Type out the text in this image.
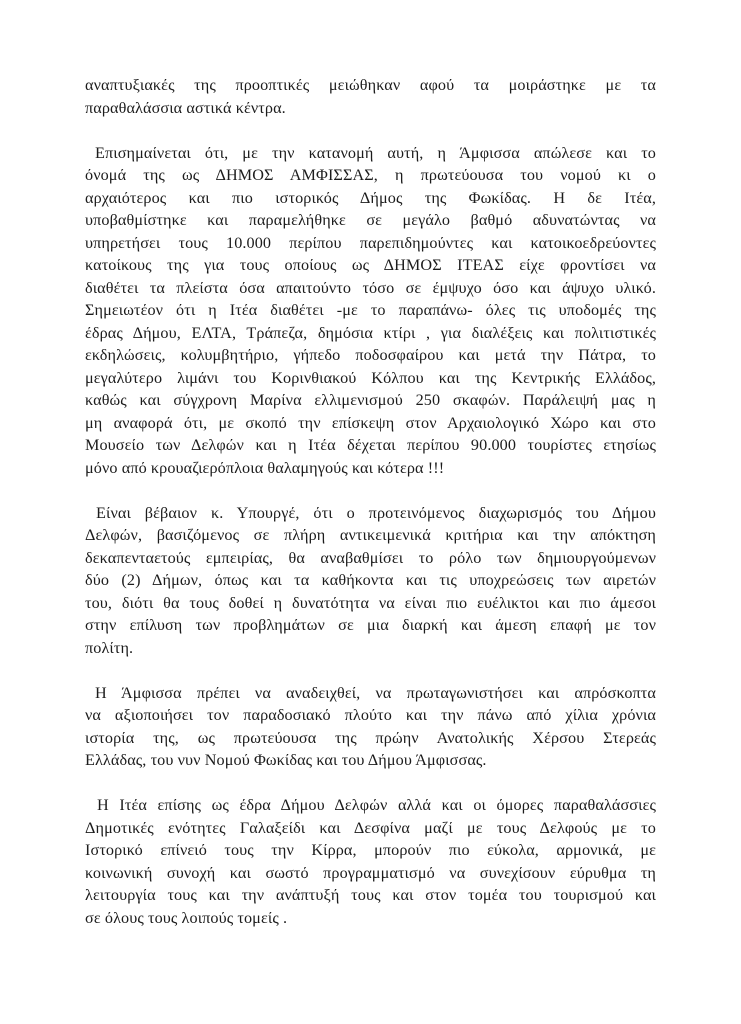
αναπτυξιακές της προοπτικές μειώθηκαν αφού τα μοιράστηκε με τα
παραθαλάσσια αστικά κέντρα.
Επισημαίνεται ότι, με την κατανομή αυτή, η Άμφισσα απώλεσε και το
όνομά της ως ΔΗΜΟΣ ΑΜΦΙΣΣΑΣ, η πρωτεύουσα του νομού κι ο
αρχαιότερος και πιο ιστορικός Δήμος της Φωκίδας. Η δε Ιτέα,
υποβαθμίστηκε και παραμελήθηκε σε μεγάλο βαθμό αδυνατώντας να
υπηρετήσει τους 10.000 περίπου παρεπιδημούντες και κατοικοεδρεύοντες
κατοίκους της για τους οποίους ως ΔΗΜΟΣ ΙΤΕΑΣ είχε φροντίσει να
διαθέτει τα πλείστα όσα απαιτούντο τόσο σε έμψυχο όσο και άψυχο υλικό.
Σημειωτέον ότι η Ιτέα διαθέτει -με το παραπάνω- όλες τις υποδομές της
έδρας Δήμου, ΕΛΤΑ, Τράπεζα, δημόσια κτίρι , για διαλέξεις και πολιτιστικές
εκδηλώσεις, κολυμβητήριο, γήπεδο ποδοσφαίρου και μετά την Πάτρα, το
μεγαλύτερο λιμάνι του Κορινθιακού Κόλπου και της Κεντρικής Ελλάδος,
καθώς και σύγχρονη Μαρίνα ελλιμενισμού 250 σκαφών. Παράλειψή μας η
μη αναφορά ότι, με σκοπό την επίσκεψη στον Αρχαιολογικό Χώρο και στο
Μουσείο των Δελφών και η Ιτέα δέχεται περίπου 90.000 τουρίστες ετησίως
μόνο από κρουαζιερόπλοια θαλαμηγούς και κότερα !!!
Είναι βέβαιον κ. Υπουργέ, ότι ο προτεινόμενος διαχωρισμός του Δήμου
Δελφών, βασιζόμενος σε πλήρη αντικειμενικά κριτήρια και την απόκτηση
δεκαπενταετούς εμπειρίας, θα αναβαθμίσει το ρόλο των δημιουργούμενων
δύο (2) Δήμων, όπως και τα καθήκοντα και τις υποχρεώσεις των αιρετών
του, διότι θα τους δοθεί η δυνατότητα να είναι πιο ευέλικτοι και πιο άμεσοι
στην επίλυση των προβλημάτων σε μια διαρκή και άμεση επαφή με τον
πολίτη.
Η Άμφισσα πρέπει να αναδειχθεί, να πρωταγωνιστήσει και απρόσκοπτα
να αξιοποιήσει τον παραδοσιακό πλούτο και την πάνω από χίλια χρόνια
ιστορία της, ως πρωτεύουσα της πρώην Ανατολικής Χέρσου Στερεάς
Ελλάδας, του νυν Νομού Φωκίδας και του Δήμου Άμφισσας.
Η Ιτέα επίσης ως έδρα Δήμου Δελφών αλλά και οι όμορες παραθαλάσσιες
Δημοτικές ενότητες Γαλαξείδι και Δεσφίνα μαζί με τους Δελφούς με το
Ιστορικό επίνειό τους την Κίρρα, μπορούν πιο εύκολα, αρμονικά, με
κοινωνική συνοχή και σωστό προγραμματισμό να συνεχίσουν εύρυθμα τη
λειτουργία τους και την ανάπτυξή τους και στον τομέα του τουρισμού και
σε όλους τους λοιπούς τομείς .
